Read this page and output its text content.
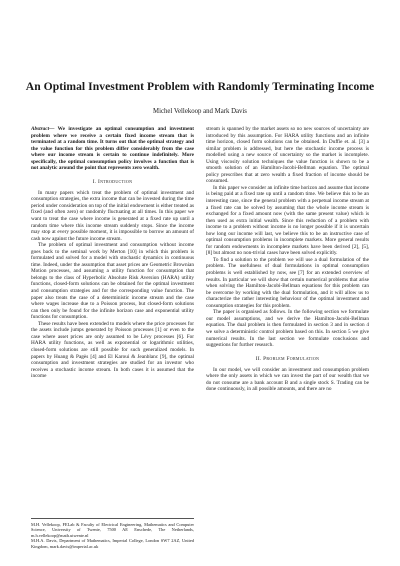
An Optimal Investment Problem with Randomly Terminating Income
Michel Vellekoop and Mark Davis

Abstract— We investigate an optimal consumption and investment problem where we receive a certain fixed income stream that is terminated at a random time. It turns out that the optimal strategy and the value function for this problem differ considerably from the case where our income stream is certain to continue indefinitely. More specifically, the optimal consumption policy involves a function that is not analytic around the point that represents zero wealth.

I. Introduction

In many papers which treat the problem of optimal investment and consumption strategies, the extra income that can be invested during the time period under consideration on top of the initial endowment is either treated as fixed (and often zero) or randomly fluctuating at all times. In this paper we want to treat the case where income is generated at a fixed rate up until a random time where this income stream suddenly stops. Since the income may stop at every possible moment, it is impossible to borrow an amount of cash now against the future income stream.

The problem of optimal investment and consumption without income goes back to the seminal work by Merton [10] in which this problem is formulated and solved for a model with stochastic dynamics in continuous time. Indeed, under the assumption that asset prices are Geometric Brownian Motion processes, and assuming a utility function for consumption that belongs to the class of Hyperbolic Absolute Risk Aversion (HARA) utility functions, closed-form solutions can be obtained for the optimal investment and consumption strategies and for the corresponding value function. The paper also treats the case of a deterministic income stream and the case where wages increase due to a Poisson process, but closed-form solutions can then only be found for the infinite horizon case and exponential utility functions for consumption.

These results have been extended to models where the price processes for the assets include jumps generated by Poisson processes [1] or even to the case where asset prices are only assumed to be Lévy processes [6]. For HARA utility functions, as well as exponential or logarithmic utilities, closed-form solutions are still possible for such generalized models. In papers by Huang & Pagès [4] and El Karoui & Jeanblanc [9], the optimal consumption and investment strategies are studied for an investor who receives a stochastic income stream. In both cases it is assumed that the income

M.H. Vellekoop, FELab & Faculty of Electrical Engineering, Mathematics and Computer Science, University of Twente, 7500 AE Enschede, The Netherlands, m.h.vellekoop@math.utwente.nl

M.H.A. Davis, Department of Mathematics, Imperial College, London SW7 2AZ, United Kingdom, mark.davis@imperial.ac.uk

stream is spanned by the market assets so no new sources of uncertainty are introduced by this assumption. For HARA utility functions and an infinite time horizon, closed form solutions can be obtained. In Duffie et. al. [3] a similar problem is addressed, but here the stochastic income process is modelled using a new source of uncertainty so the market is incomplete. Using viscosity solution techniques the value function is shown to be a smooth solution of an Hamilton-Jacobi-Bellman equation. The optimal policy prescribes that at zero wealth a fixed fraction of income should be consumed.

In this paper we consider an infinite time horizon and assume that income is being paid at a fixed rate up until a random time. We believe this to be an interesting case, since the general problem with a perpetual income stream at a fixed rate can be solved by assuming that the whole income stream is exchanged for a fixed amount now (with the same present value) which is then used as extra initial wealth. Since this reduction of a problem with income to a problem without income is no longer possible if it is uncertain how long our income will last, we believe this to be an instructive case of optimal consumption problems in incomplete markets. More general results for random endowments in incomplete markets have been derived [2], [5], [8] but almost no non-trivial cases have been solved explicitly.

To find a solution to the problem we will use a dual formulation of the problem. The usefulness of dual formulations in optimal consumption problems is well established by now, see [7] for an extended overview of results. In particular we will show that certain numerical problems that arise when solving the Hamilton-Jacobi-Bellman equations for this problem can be overcome by working with the dual formulation, and it will allow us to characterize the rather interesting behaviour of the optimal investment and consumption strategies for this problem.

The paper is organised as follows. In the following section we formulate our model assumptions, and we derive the Hamilton-Jacobi-Bellman equation. The dual problem is then formulated in section 3 and in section 4 we solve a deterministic control problem based on this. In section 5 we give numerical results. In the last section we formulate conclusions and suggestions for further research.

II. Problem Formulation

In our model, we will consider an investment and consumption problem where the only assets in which we can invest the part of our wealth that we do not consume are a bank account B and a single stock S. Trading can be done continuously, in all possible amounts, and there are no
